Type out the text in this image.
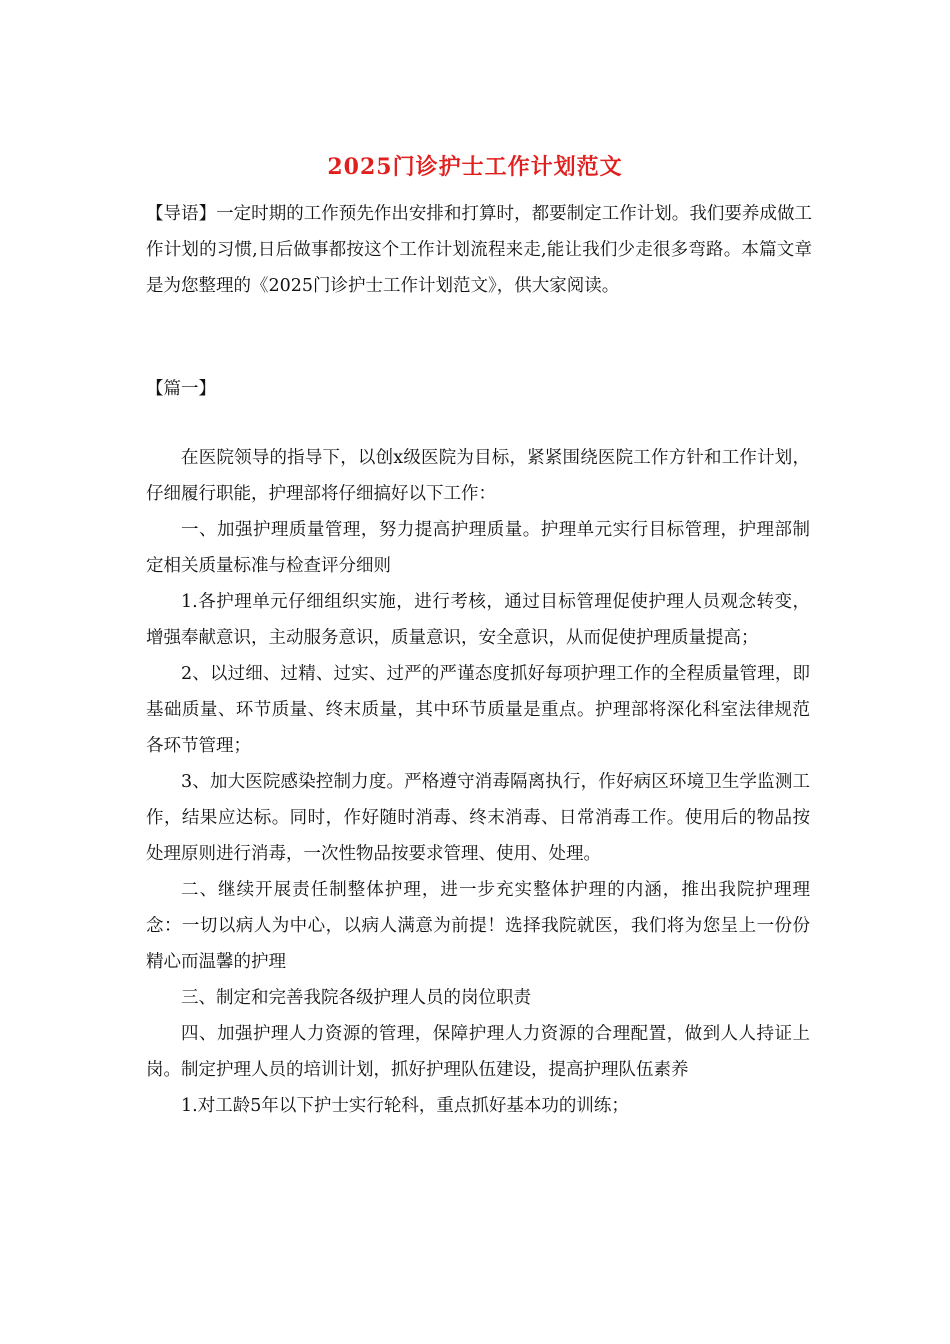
2025门诊护士工作计划范文
【导语】一定时期的工作预先作出安排和打算时，都要制定工作计划。我们要养成做工作计划的习惯,日后做事都按这个工作计划流程来走,能让我们少走很多弯路。本篇文章是为您整理的《2025门诊护士工作计划范文》，供大家阅读。
【篇一】

在医院领导的指导下，以创x级医院为目标，紧紧围绕医院工作方针和工作计划，仔细履行职能，护理部将仔细搞好以下工作：

一、加强护理质量管理，努力提高护理质量。护理单元实行目标管理，护理部制定相关质量标准与检查评分细则

1.各护理单元仔细组织实施，进行考核，通过目标管理促使护理人员观念转变，增强奉献意识，主动服务意识，质量意识，安全意识，从而促使护理质量提高；

2、以过细、过精、过实、过严的严谨态度抓好每项护理工作的全程质量管理，即基础质量、环节质量、终末质量，其中环节质量是重点。护理部将深化科室法律规范各环节管理；

3、加大医院感染控制力度。严格遵守消毒隔离执行，作好病区环境卫生学监测工作，结果应达标。同时，作好随时消毒、终末消毒、日常消毒工作。使用后的物品按处理原则进行消毒，一次性物品按要求管理、使用、处理。

二、继续开展责任制整体护理，进一步充实整体护理的内涵，推出我院护理理念：一切以病人为中心，以病人满意为前提！选择我院就医，我们将为您呈上一份份精心而温馨的护理

三、制定和完善我院各级护理人员的岗位职责

四、加强护理人力资源的管理，保障护理人力资源的合理配置，做到人人持证上岗。制定护理人员的培训计划，抓好护理队伍建设，提高护理队伍素养

1.对工龄5年以下护士实行轮科，重点抓好基本功的训练；
